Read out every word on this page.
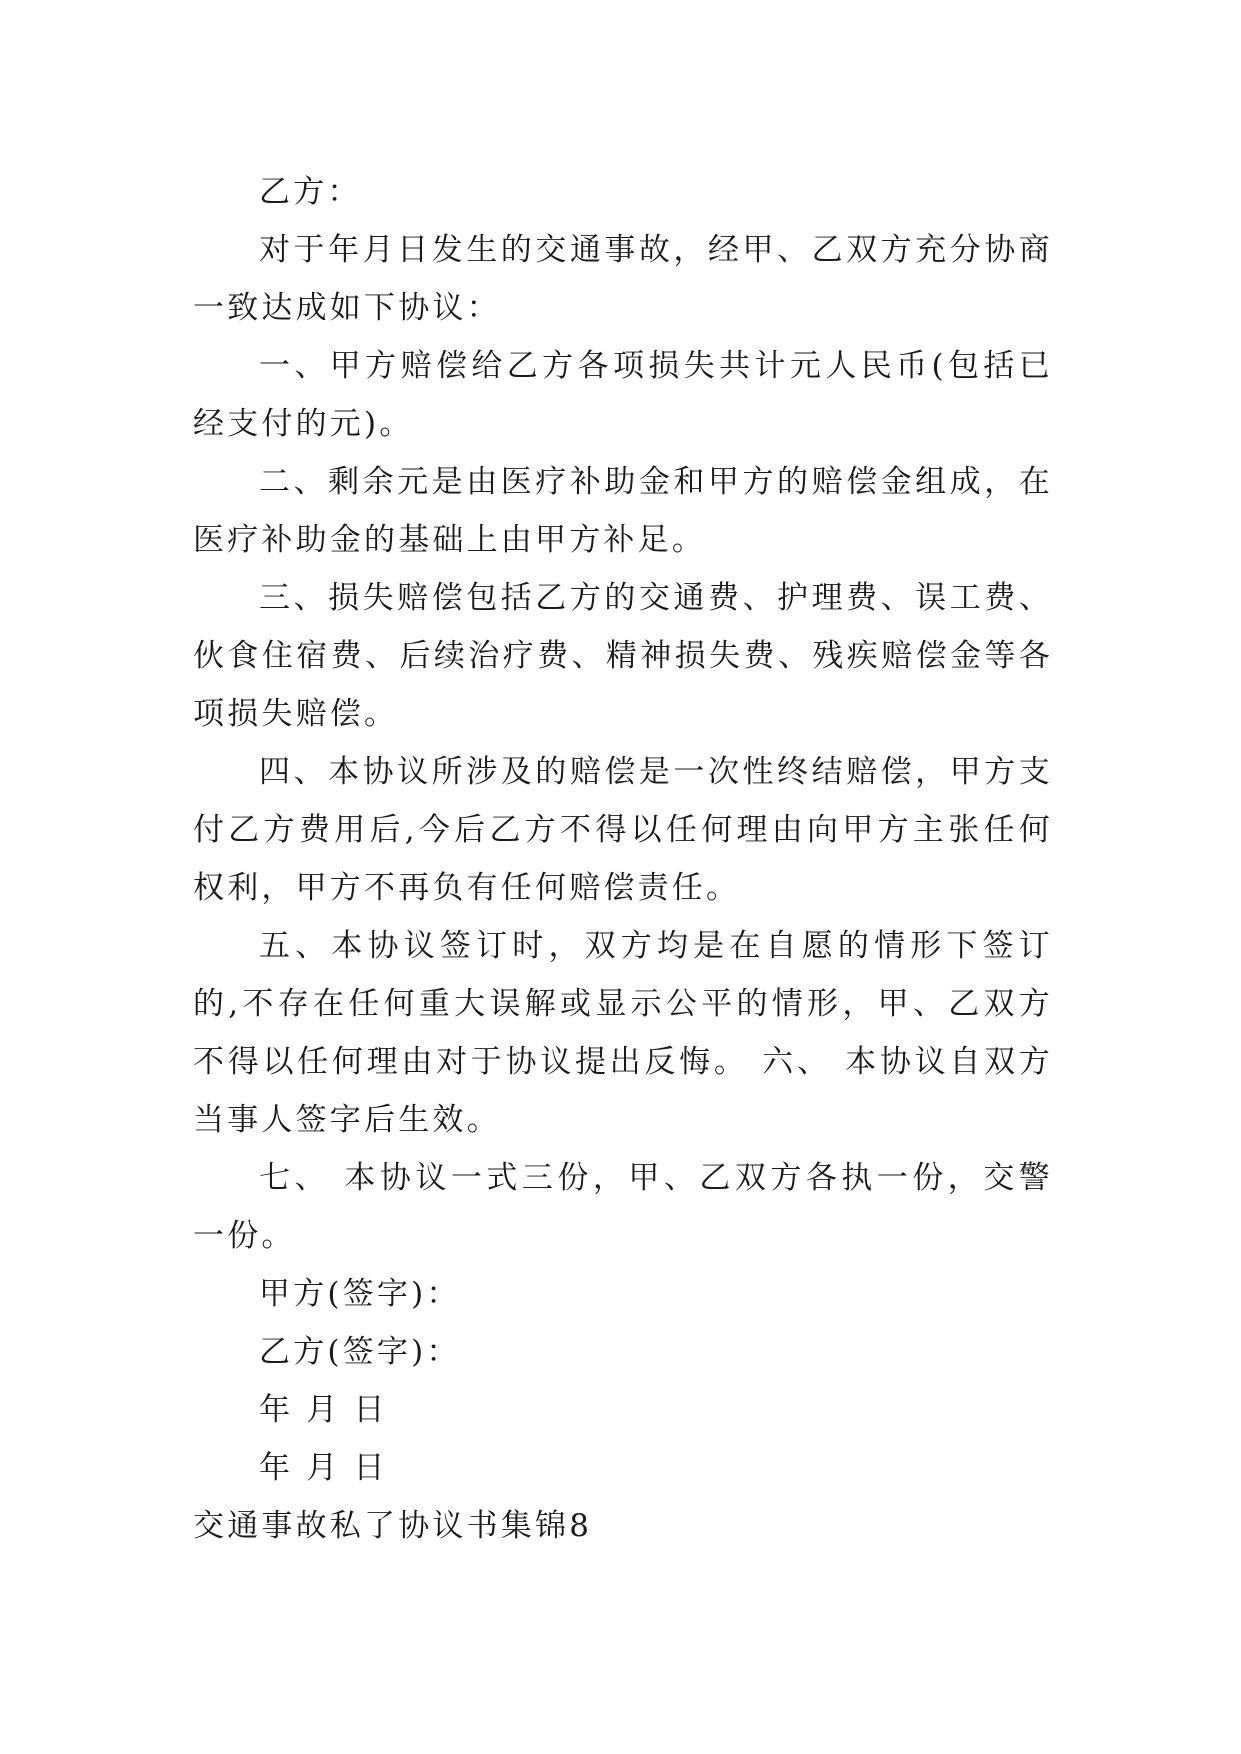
乙方：

对于年月日发生的交通事故，经甲、乙双方充分协商一致达成如下协议：

一、甲方赔偿给乙方各项损失共计元人民币(包括已经支付的元)。

二、剩余元是由医疗补助金和甲方的赔偿金组成，在医疗补助金的基础上由甲方补足。

三、损失赔偿包括乙方的交通费、护理费、误工费、伙食住宿费、后续治疗费、精神损失费、残疾赔偿金等各项损失赔偿。

四、本协议所涉及的赔偿是一次性终结赔偿，甲方支付乙方费用后,今后乙方不得以任何理由向甲方主张任何权利，甲方不再负有任何赔偿责任。

五、本协议签订时，双方均是在自愿的情形下签订的,不存在任何重大误解或显示公平的情形，甲、乙双方不得以任何理由对于协议提出反悔。 六、 本协议自双方当事人签字后生效。

七、 本协议一式三份，甲、乙双方各执一份，交警一份。

甲方(签字)：

乙方(签字)：

年 月 日

年 月 日

交通事故私了协议书集锦8
